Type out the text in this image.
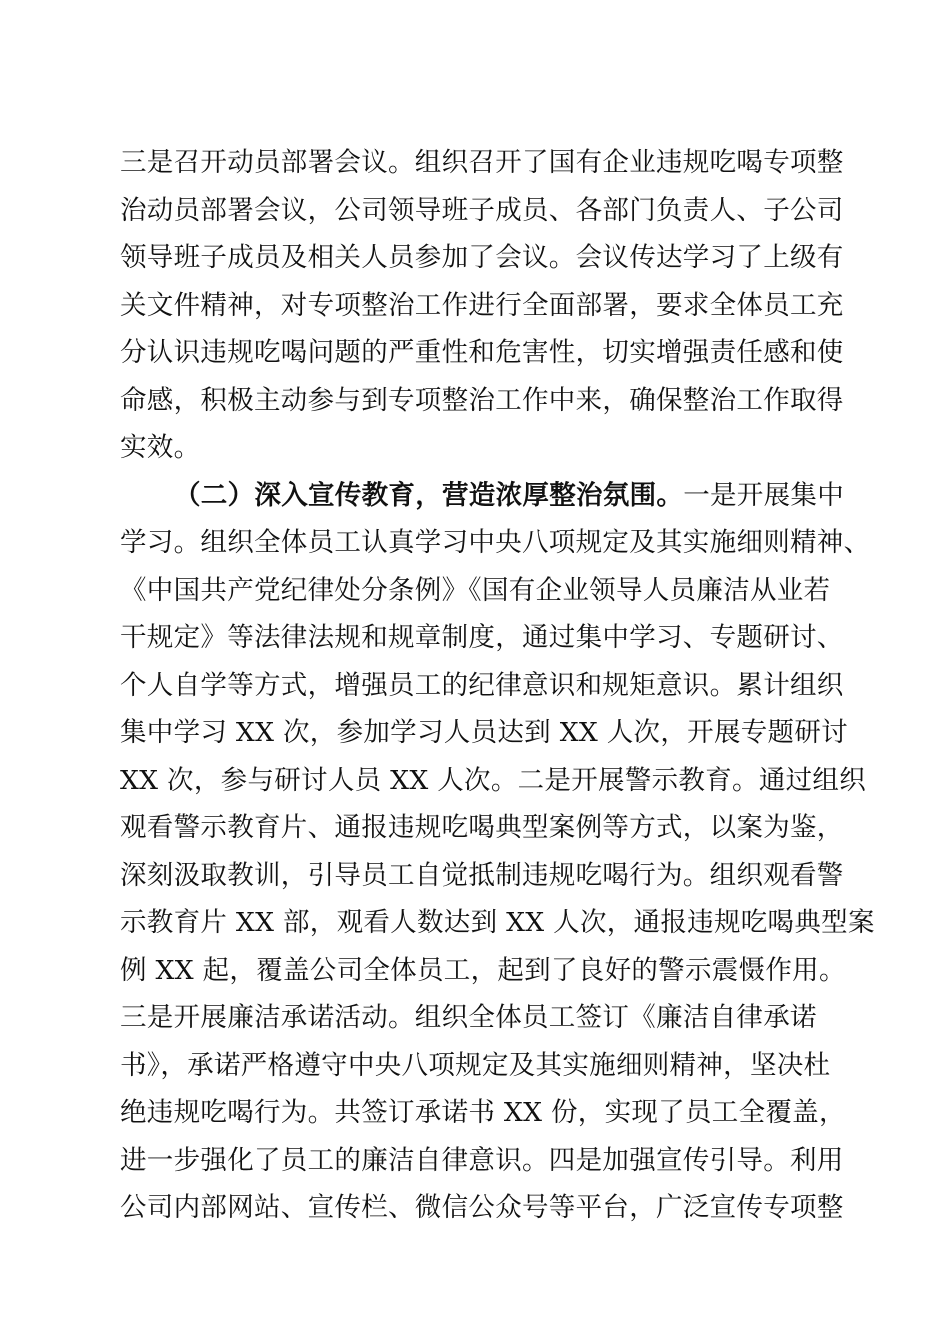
三是召开动员部署会议。组织召开了国有企业违规吃喝专项整
治动员部署会议，公司领导班子成员、各部门负责人、子公司
领导班子成员及相关人员参加了会议。会议传达学习了上级有
关文件精神，对专项整治工作进行全面部署，要求全体员工充
分认识违规吃喝问题的严重性和危害性，切实增强责任感和使
命感，积极主动参与到专项整治工作中来，确保整治工作取得
实效。
（二）深入宣传教育，营造浓厚整治氛围。一是开展集中
学习。组织全体员工认真学习中央八项规定及其实施细则精神、
《中国共产党纪律处分条例》《国有企业领导人员廉洁从业若
干规定》等法律法规和规章制度，通过集中学习、专题研讨、
个人自学等方式，增强员工的纪律意识和规矩意识。累计组织
集中学习 XX 次，参加学习人员达到 XX 人次，开展专题研讨
XX 次，参与研讨人员 XX 人次。二是开展警示教育。通过组织
观看警示教育片、通报违规吃喝典型案例等方式，以案为鉴，
深刻汲取教训，引导员工自觉抵制违规吃喝行为。组织观看警
示教育片 XX 部，观看人数达到 XX 人次，通报违规吃喝典型案
例 XX 起，覆盖公司全体员工，起到了良好的警示震慑作用。
三是开展廉洁承诺活动。组织全体员工签订《廉洁自律承诺
书》，承诺严格遵守中央八项规定及其实施细则精神，坚决杜
绝违规吃喝行为。共签订承诺书 XX 份，实现了员工全覆盖，
进一步强化了员工的廉洁自律意识。四是加强宣传引导。利用
公司内部网站、宣传栏、微信公众号等平台，广泛宣传专项整
